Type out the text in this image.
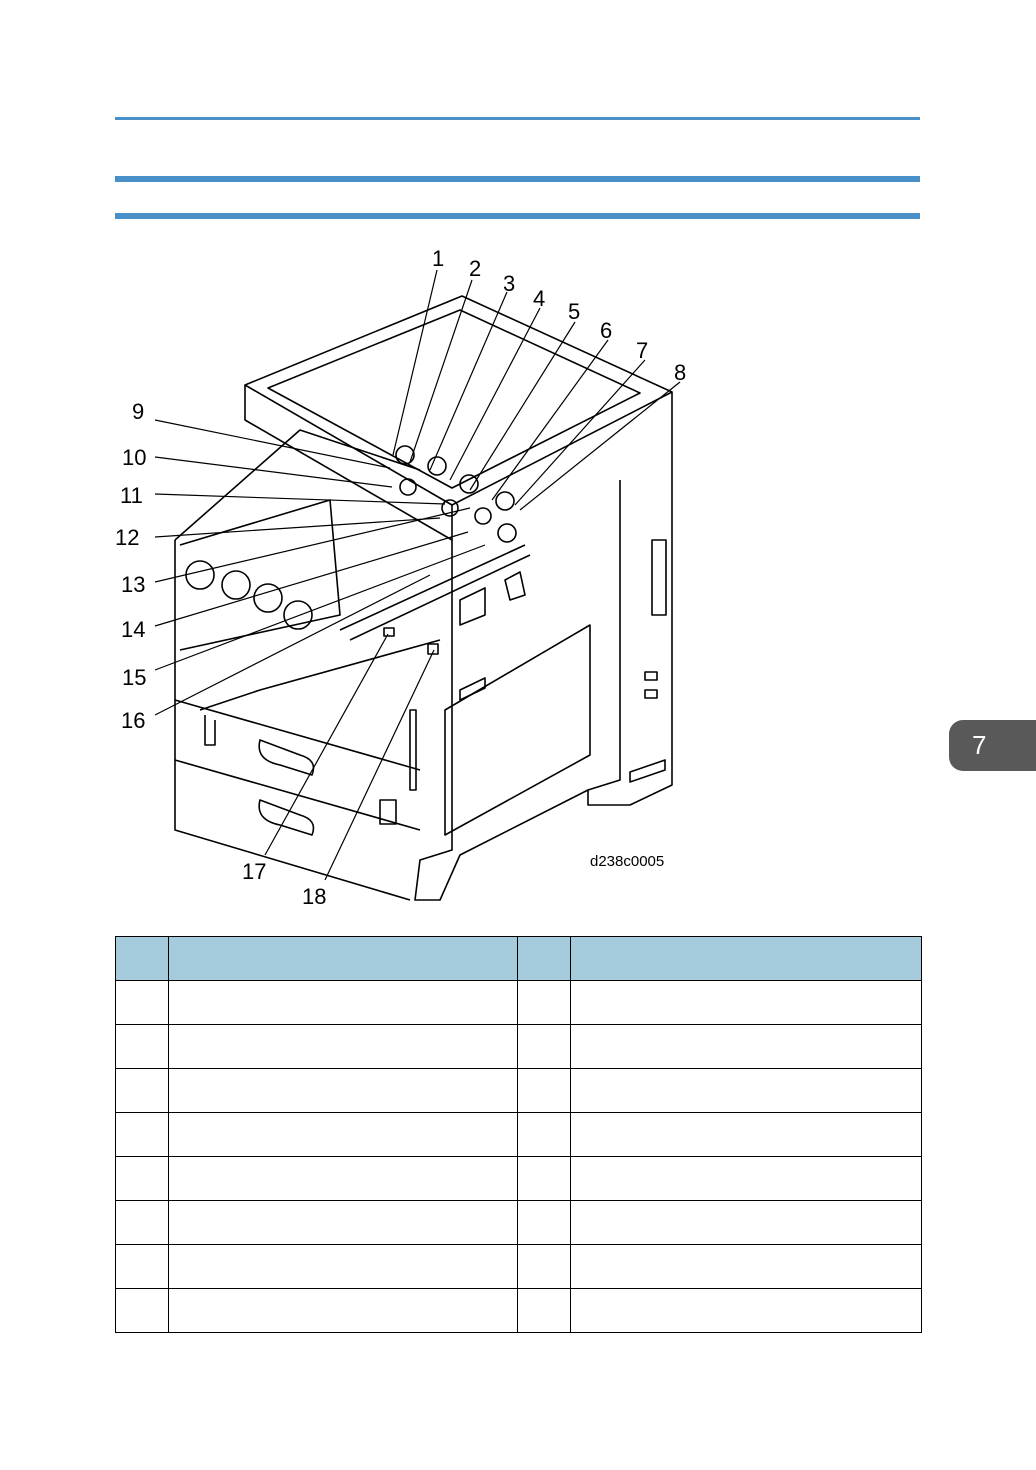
1 2
3
4
5
6
7
8
9
10
11
12
13
14
15
16
17
18
d238c0005
7
